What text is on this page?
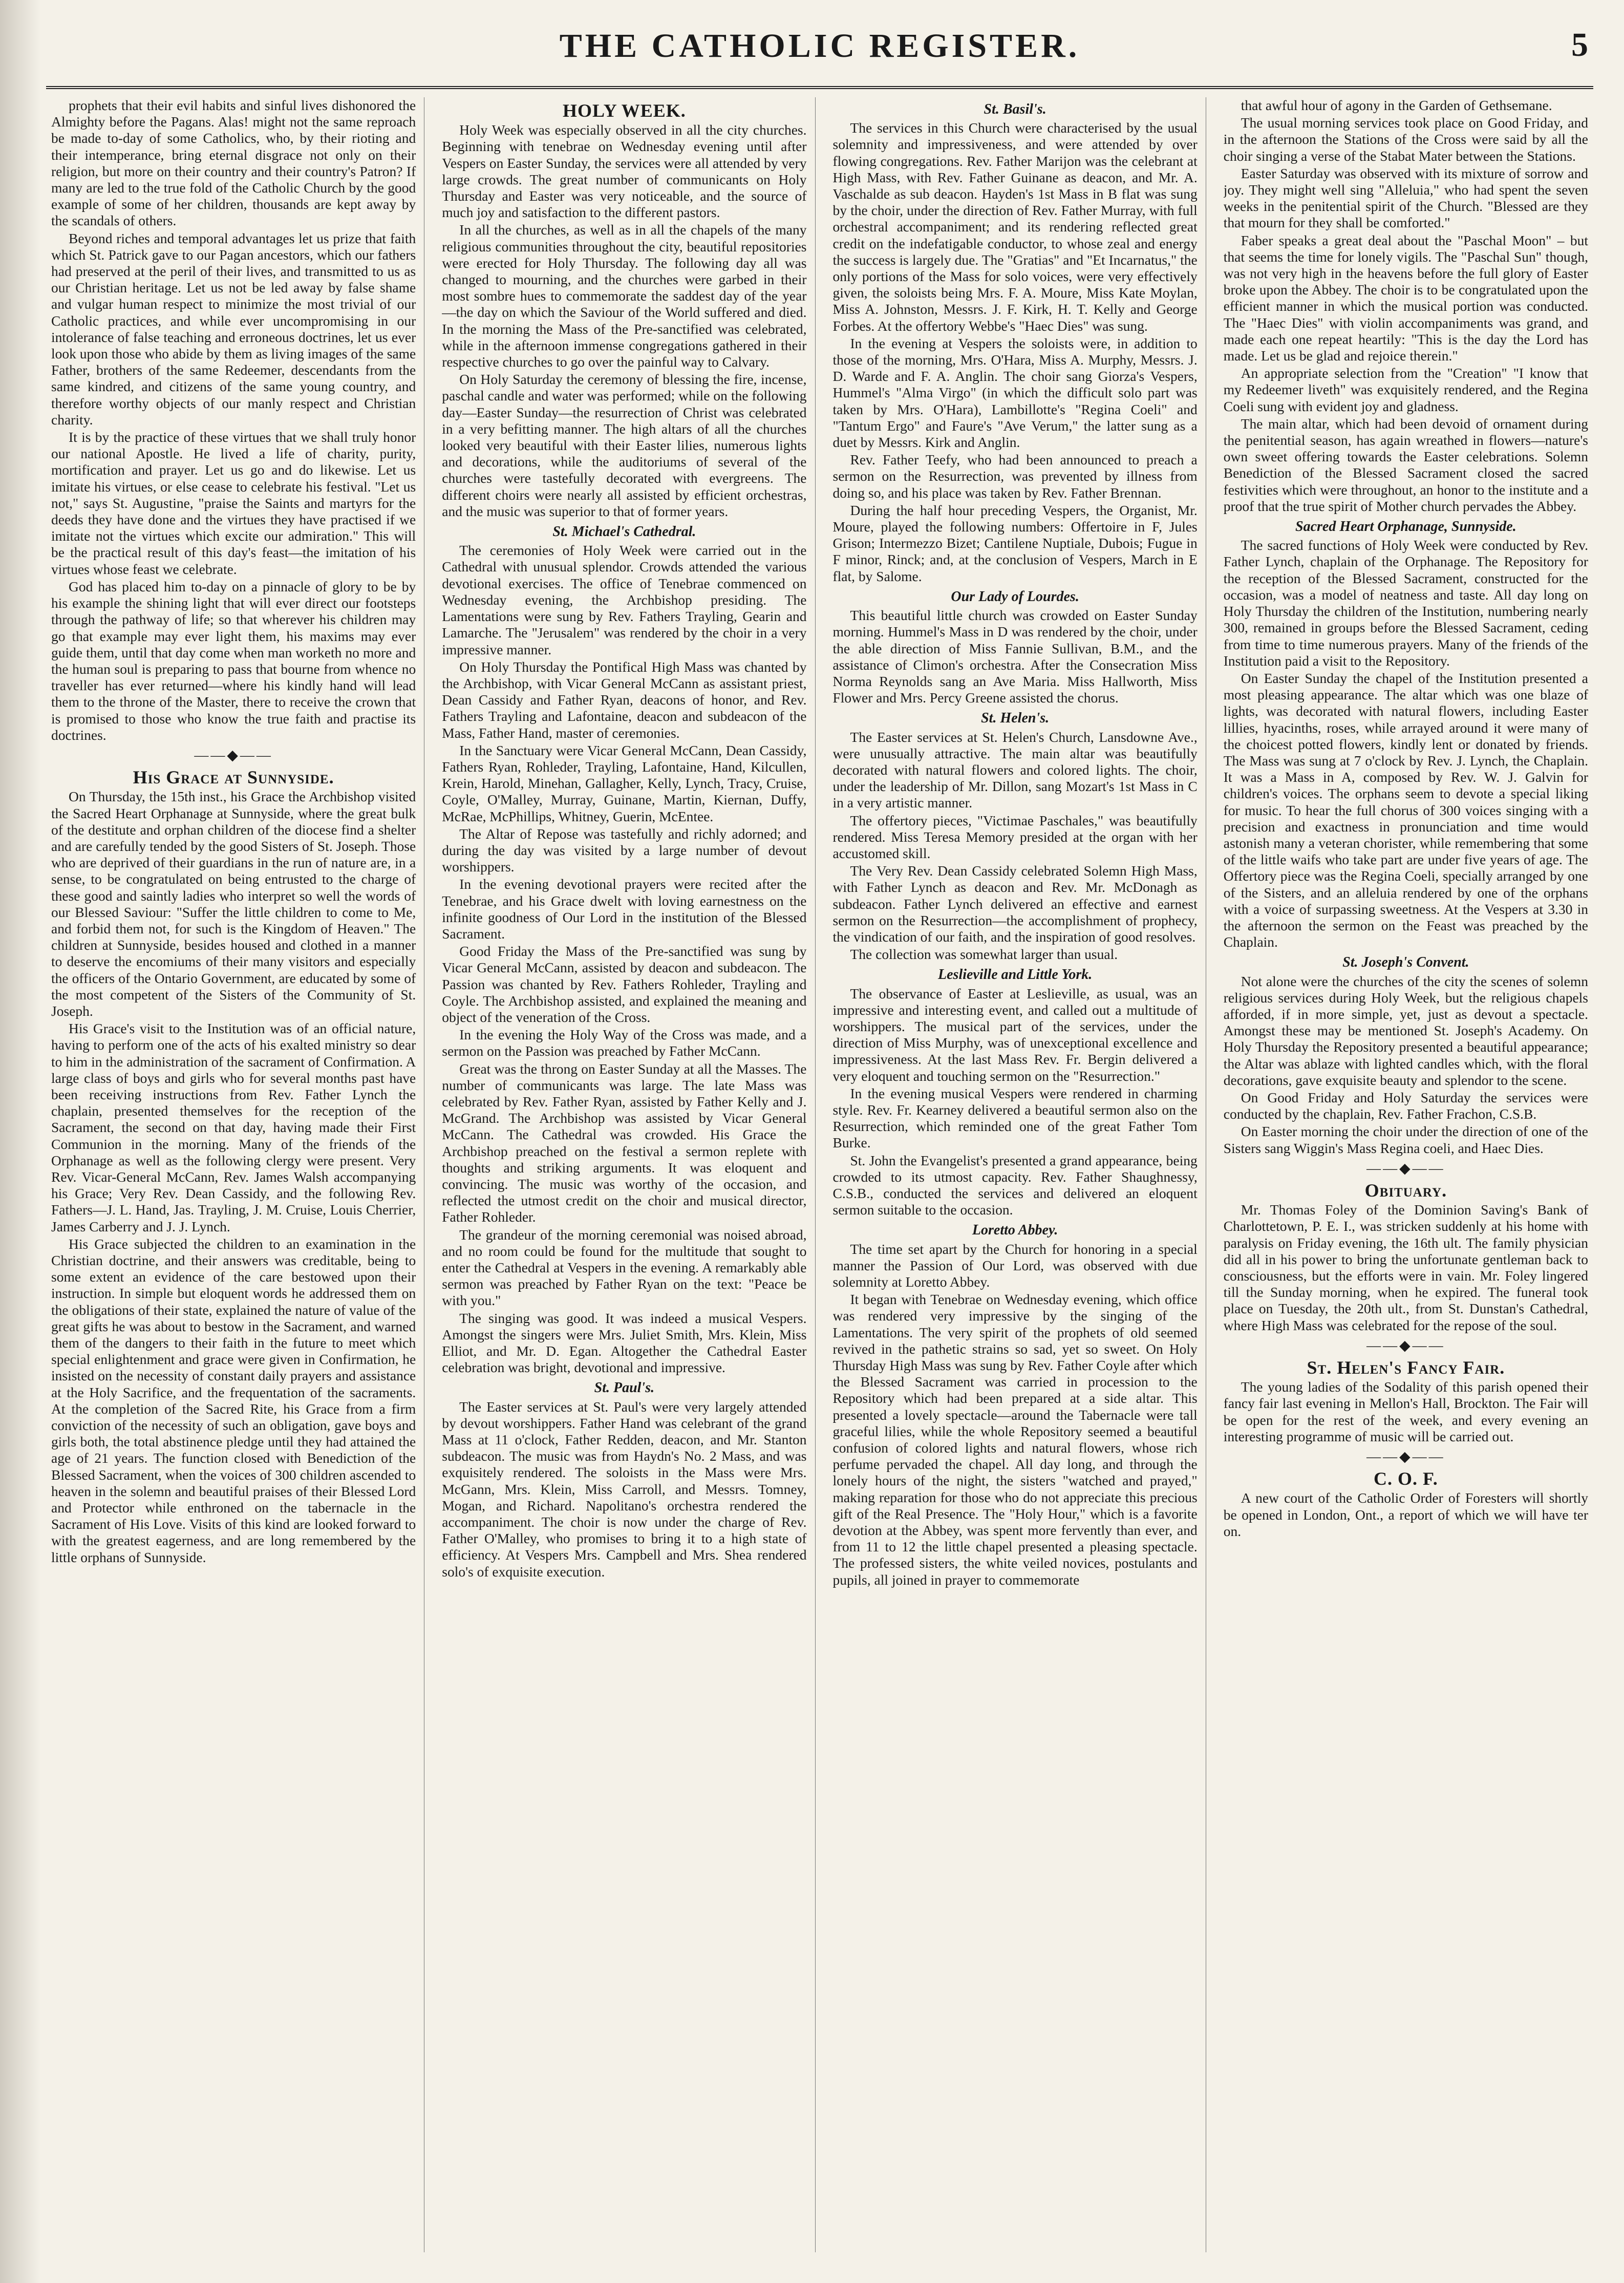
THE CATHOLIC REGISTER.	5

prophets that their evil habits and sinful lives dishonored the Almighty before the Pagans. Alas! might not the same reproach be made to-day of some Catholics, who, by their rioting and their intemperance, bring eternal disgrace not only on their religion, but more on their country and their country's Patron? If many are led to the true fold of the Catholic Church by the good example of some of her children, thousands are kept away by the scandals of others.

Beyond riches and temporal advantages let us prize that faith which St. Patrick gave to our Pagan ancestors, which our fathers had preserved at the peril of their lives, and transmitted to us as our Christian heritage. Let us not be led away by false shame and vulgar human respect to minimize the most trivial of our Catholic practices, and while ever uncompromising in our intolerance of false teaching and erroneous doctrines, let us ever look upon those who abide by them as living images of the same Father, brothers of the same Redeemer, descendants from the same kindred, and citizens of the same young country, and therefore worthy objects of our manly respect and Christian charity.

It is by the practice of these virtues that we shall truly honor our national Apostle. He lived a life of charity, purity, mortification and prayer. Let us go and do likewise. Let us imitate his virtues, or else cease to celebrate his festival. "Let us not," says St. Augustine, "praise the Saints and martyrs for the deeds they have done and the virtues they have practised if we imitate not the virtues which excite our admiration." This will be the practical result of this day's feast—the imitation of his virtues whose feast we celebrate.

God has placed him to-day on a pinnacle of glory to be by his example the shining light that will ever direct our footsteps through the pathway of life; so that wherever his children may go that example may ever light them, his maxims may ever guide them, until that day come when man worketh no more and the human soul is preparing to pass that bourne from whence no traveller has ever returned—where his kindly hand will lead them to the throne of the Master, there to receive the crown that is promised to those who know the true faith and practise its doctrines.

——◆——
His Grace at Sunnyside.

On Thursday, the 15th inst., his Grace the Archbishop visited the Sacred Heart Orphanage at Sunnyside, where the great bulk of the destitute and orphan children of the diocese find a shelter and are carefully tended by the good Sisters of St. Joseph. Those who are deprived of their guardians in the run of nature are, in a sense, to be congratulated on being entrusted to the charge of these good and saintly ladies who interpret so well the words of our Blessed Saviour: "Suffer the little children to come to Me, and forbid them not, for such is the Kingdom of Heaven." The children at Sunnyside, besides housed and clothed in a manner to deserve the encomiums of their many visitors and especially the officers of the Ontario Government, are educated by some of the most competent of the Sisters of the Community of St. Joseph.

His Grace's visit to the Institution was of an official nature, having to perform one of the acts of his exalted ministry so dear to him in the administration of the sacrament of Confirmation. A large class of boys and girls who for several months past have been receiving instructions from Rev. Father Lynch the chaplain, presented themselves for the reception of the Sacrament, the second on that day, having made their First Communion in the morning. Many of the friends of the Orphanage as well as the following clergy were present. Very Rev. Vicar-General McCann, Rev. James Walsh accompanying his Grace; Very Rev. Dean Cassidy, and the following Rev. Fathers—J. L. Hand, Jas. Trayling, J. M. Cruise, Louis Cherrier, James Carberry and J. J. Lynch.

His Grace subjected the children to an examination in the Christian doctrine, and their answers was creditable, being to some extent an evidence of the care bestowed upon their instruction. In simple but eloquent words he addressed them on the obligations of their state, explained the nature of value of the great gifts he was about to bestow in the Sacrament, and warned them of the dangers to their faith in the future to meet which special enlightenment and grace were given in Confirmation, he insisted on the necessity of constant daily prayers and assistance at the Holy Sacrifice, and the frequentation of the sacraments. At the completion of the Sacred Rite, his Grace from a firm conviction of the necessity of such an obligation, gave boys and girls both, the total abstinence pledge until they had attained the age of 21 years. The function closed with Benediction of the Blessed Sacrament, when the voices of 300 children ascended to heaven in the solemn and beautiful praises of their Blessed Lord and Protector while enthroned on the tabernacle in the Sacrament of His Love. Visits of this kind are looked forward to with the greatest eagerness, and are long remembered by the little orphans of Sunnyside.

HOLY WEEK.

Holy Week was especially observed in all the city churches. Beginning with tenebrae on Wednesday evening until after Vespers on Easter Sunday, the services were all attended by very large crowds. The great number of communicants on Holy Thursday and Easter was very noticeable, and the source of much joy and satisfaction to the different pastors.

In all the churches, as well as in all the chapels of the many religious communities throughout the city, beautiful repositories were erected for Holy Thursday. The following day all was changed to mourning, and the churches were garbed in their most sombre hues to commemorate the saddest day of the year—the day on which the Saviour of the World suffered and died. In the morning the Mass of the Pre-sanctified was celebrated, while in the afternoon immense congregations gathered in their respective churches to go over the painful way to Calvary.

On Holy Saturday the ceremony of blessing the fire, incense, paschal candle and water was performed; while on the following day—Easter Sunday—the resurrection of Christ was celebrated in a very befitting manner. The high altars of all the churches looked very beautiful with their Easter lilies, numerous lights and decorations, while the auditoriums of several of the churches were tastefully decorated with evergreens. The different choirs were nearly all assisted by efficient orchestras, and the music was superior to that of former years.

St. Michael's Cathedral.

The ceremonies of Holy Week were carried out in the Cathedral with unusual splendor. Crowds attended the various devotional exercises. The office of Tenebrae commenced on Wednesday evening, the Archbishop presiding. The Lamentations were sung by Rev. Fathers Trayling, Gearin and Lamarche. The "Jerusalem" was rendered by the choir in a very impressive manner.

On Holy Thursday the Pontifical High Mass was chanted by the Archbishop, with Vicar General McCann as assistant priest, Dean Cassidy and Father Ryan, deacons of honor, and Rev. Fathers Trayling and Lafontaine, deacon and subdeacon of the Mass, Father Hand, master of ceremonies.

In the Sanctuary were Vicar General McCann, Dean Cassidy, Fathers Ryan, Rohleder, Trayling, Lafontaine, Hand, Kilcullen, Krein, Harold, Minehan, Gallagher, Kelly, Lynch, Tracy, Cruise, Coyle, O'Malley, Murray, Guinane, Martin, Kiernan, Duffy, McRae, McPhillips, Whitney, Guerin, McEntee.

The Altar of Repose was tastefully and richly adorned; and during the day was visited by a large number of devout worshippers.

In the evening devotional prayers were recited after the Tenebrae, and his Grace dwelt with loving earnestness on the infinite goodness of Our Lord in the institution of the Blessed Sacrament.

Good Friday the Mass of the Pre-sanctified was sung by Vicar General McCann, assisted by deacon and subdeacon. The Passion was chanted by Rev. Fathers Rohleder, Trayling and Coyle. The Archbishop assisted, and explained the meaning and object of the veneration of the Cross.

In the evening the Holy Way of the Cross was made, and a sermon on the Passion was preached by Father McCann.

Great was the throng on Easter Sunday at all the Masses. The number of communicants was large. The late Mass was celebrated by Rev. Father Ryan, assisted by Father Kelly and J. McGrand. The Archbishop was assisted by Vicar General McCann. The Cathedral was crowded. His Grace the Archbishop preached on the festival a sermon replete with thoughts and striking arguments. It was eloquent and convincing. The music was worthy of the occasion, and reflected the utmost credit on the choir and musical director, Father Rohleder.

The grandeur of the morning ceremonial was noised abroad, and no room could be found for the multitude that sought to enter the Cathedral at Vespers in the evening. A remarkably able sermon was preached by Father Ryan on the text: "Peace be with you."

The singing was good. It was indeed a musical Vespers. Amongst the singers were Mrs. Juliet Smith, Mrs. Klein, Miss Elliot, and Mr. D. Egan. Altogether the Cathedral Easter celebration was bright, devotional and impressive.

St. Paul's.

The Easter services at St. Paul's were very largely attended by devout worshippers. Father Hand was celebrant of the grand Mass at 11 o'clock, Father Redden, deacon, and Mr. Stanton subdeacon. The music was from Haydn's No. 2 Mass, and was exquisitely rendered. The soloists in the Mass were Mrs. McGann, Mrs. Klein, Miss Carroll, and Messrs. Tomney, Mogan, and Richard. Napolitano's orchestra rendered the accompaniment. The choir is now under the charge of Rev. Father O'Malley, who promises to bring it to a high state of efficiency. At Vespers Mrs. Campbell and Mrs. Shea rendered solo's of exquisite execution.

St. Basil's.

The services in this Church were characterised by the usual solemnity and impressiveness, and were attended by over flowing congregations. Rev. Father Marijon was the celebrant at High Mass, with Rev. Father Guinane as deacon, and Mr. A. Vaschalde as sub deacon. Hayden's 1st Mass in B flat was sung by the choir, under the direction of Rev. Father Murray, with full orchestral accompaniment; and its rendering reflected great credit on the indefatigable conductor, to whose zeal and energy the success is largely due. The "Gratias" and "Et Incarnatus," the only portions of the Mass for solo voices, were very effectively given, the soloists being Mrs. F. A. Moure, Miss Kate Moylan, Miss A. Johnston, Messrs. J. F. Kirk, H. T. Kelly and George Forbes. At the offertory Webbe's "Haec Dies" was sung.

In the evening at Vespers the soloists were, in addition to those of the morning, Mrs. O'Hara, Miss A. Murphy, Messrs. J. D. Warde and F. A. Anglin. The choir sang Giorza's Vespers, Hummel's "Alma Virgo" (in which the difficult solo part was taken by Mrs. O'Hara), Lambillotte's "Regina Coeli" and "Tantum Ergo" and Faure's "Ave Verum," the latter sung as a duet by Messrs. Kirk and Anglin.

Rev. Father Teefy, who had been announced to preach a sermon on the Resurrection, was prevented by illness from doing so, and his place was taken by Rev. Father Brennan.

During the half hour preceding Vespers, the Organist, Mr. Moure, played the following numbers: Offertoire in F, Jules Grison; Intermezzo Bizet; Cantilene Nuptiale, Dubois; Fugue in F minor, Rinck; and, at the conclusion of Vespers, March in E flat, by Salome.

Our Lady of Lourdes.

This beautiful little church was crowded on Easter Sunday morning. Hummel's Mass in D was rendered by the choir, under the able direction of Miss Fannie Sullivan, B.M., and the assistance of Climon's orchestra. After the Consecration Miss Norma Reynolds sang an Ave Maria. Miss Hallworth, Miss Flower and Mrs. Percy Greene assisted the chorus.

St. Helen's.

The Easter services at St. Helen's Church, Lansdowne Ave., were unusually attractive. The main altar was beautifully decorated with natural flowers and colored lights. The choir, under the leadership of Mr. Dillon, sang Mozart's 1st Mass in C in a very artistic manner.

The offertory pieces, "Victimae Paschales," was beautifully rendered. Miss Teresa Memory presided at the organ with her accustomed skill.

The Very Rev. Dean Cassidy celebrated Solemn High Mass, with Father Lynch as deacon and Rev. Mr. McDonagh as subdeacon. Father Lynch delivered an effective and earnest sermon on the Resurrection—the accomplishment of prophecy, the vindication of our faith, and the inspiration of good resolves.

The collection was somewhat larger than usual.

Leslieville and Little York.

The observance of Easter at Leslieville, as usual, was an impressive and interesting event, and called out a multitude of worshippers. The musical part of the services, under the direction of Miss Murphy, was of unexceptional excellence and impressiveness. At the last Mass Rev. Fr. Bergin delivered a very eloquent and touching sermon on the "Resurrection."

In the evening musical Vespers were rendered in charming style. Rev. Fr. Kearney delivered a beautiful sermon also on the Resurrection, which reminded one of the great Father Tom Burke.

St. John the Evangelist's presented a grand appearance, being crowded to its utmost capacity. Rev. Father Shaughnessy, C.S.B., conducted the services and delivered an eloquent sermon suitable to the occasion.

Loretto Abbey.

The time set apart by the Church for honoring in a special manner the Passion of Our Lord, was observed with due solemnity at Loretto Abbey.

It began with Tenebrae on Wednesday evening, which office was rendered very impressive by the singing of the Lamentations. The very spirit of the prophets of old seemed revived in the pathetic strains so sad, yet so sweet. On Holy Thursday High Mass was sung by Rev. Father Coyle after which the Blessed Sacrament was carried in procession to the Repository which had been prepared at a side altar. This presented a lovely spectacle—around the Tabernacle were tall graceful lilies, while the whole Repository seemed a beautiful confusion of colored lights and natural flowers, whose rich perfume pervaded the chapel. All day long, and through the lonely hours of the night, the sisters "watched and prayed," making reparation for those who do not appreciate this precious gift of the Real Presence. The "Holy Hour," which is a favorite devotion at the Abbey, was spent more fervently than ever, and from 11 to 12 the little chapel presented a pleasing spectacle. The professed sisters, the white veiled novices, postulants and pupils, all joined in prayer to commemorate

that awful hour of agony in the Garden of Gethsemane.

The usual morning services took place on Good Friday, and in the afternoon the Stations of the Cross were said by all the choir singing a verse of the Stabat Mater between the Stations.

Easter Saturday was observed with its mixture of sorrow and joy. They might well sing "Alleluia," who had spent the seven weeks in the penitential spirit of the Church. "Blessed are they that mourn for they shall be comforted."

Faber speaks a great deal about the "Paschal Moon" – but that seems the time for lonely vigils. The "Paschal Sun" though, was not very high in the heavens before the full glory of Easter broke upon the Abbey. The choir is to be congratulated upon the efficient manner in which the musical portion was conducted. The "Haec Dies" with violin accompaniments was grand, and made each one repeat heartily: "This is the day the Lord has made. Let us be glad and rejoice therein."

An appropriate selection from the "Creation" "I know that my Redeemer liveth" was exquisitely rendered, and the Regina Coeli sung with evident joy and gladness.

The main altar, which had been devoid of ornament during the penitential season, has again wreathed in flowers—nature's own sweet offering towards the Easter celebrations. Solemn Benediction of the Blessed Sacrament closed the sacred festivities which were throughout, an honor to the institute and a proof that the true spirit of Mother church pervades the Abbey.

Sacred Heart Orphanage, Sunnyside.

The sacred functions of Holy Week were conducted by Rev. Father Lynch, chaplain of the Orphanage. The Repository for the reception of the Blessed Sacrament, constructed for the occasion, was a model of neatness and taste. All day long on Holy Thursday the children of the Institution, numbering nearly 300, remained in groups before the Blessed Sacrament, ceding from time to time numerous prayers. Many of the friends of the Institution paid a visit to the Repository.

On Easter Sunday the chapel of the Institution presented a most pleasing appearance. The altar which was one blaze of lights, was decorated with natural flowers, including Easter lillies, hyacinths, roses, while arrayed around it were many of the choicest potted flowers, kindly lent or donated by friends. The Mass was sung at 7 o'clock by Rev. J. Lynch, the Chaplain. It was a Mass in A, composed by Rev. W. J. Galvin for children's voices. The orphans seem to devote a special liking for music. To hear the full chorus of 300 voices singing with a precision and exactness in pronunciation and time would astonish many a veteran chorister, while remembering that some of the little waifs who take part are under five years of age. The Offertory piece was the Regina Coeli, specially arranged by one of the Sisters, and an alleluia rendered by one of the orphans with a voice of surpassing sweetness. At the Vespers at 3.30 in the afternoon the sermon on the Feast was preached by the Chaplain.

St. Joseph's Convent.

Not alone were the churches of the city the scenes of solemn religious services during Holy Week, but the religious chapels afforded, if in more simple, yet, just as devout a spectacle. Amongst these may be mentioned St. Joseph's Academy. On Holy Thursday the Repository presented a beautiful appearance; the Altar was ablaze with lighted candles which, with the floral decorations, gave exquisite beauty and splendor to the scene.

On Good Friday and Holy Saturday the services were conducted by the chaplain, Rev. Father Frachon, C.S.B.

On Easter morning the choir under the direction of one of the Sisters sang Wiggin's Mass Regina coeli, and Haec Dies.

——◆——
Obituary.

Mr. Thomas Foley of the Dominion Saving's Bank of Charlottetown, P. E. I., was stricken suddenly at his home with paralysis on Friday evening, the 16th ult. The family physician did all in his power to bring the unfortunate gentleman back to consciousness, but the efforts were in vain. Mr. Foley lingered till the Sunday morning, when he expired. The funeral took place on Tuesday, the 20th ult., from St. Dunstan's Cathedral, where High Mass was celebrated for the repose of the soul.

——◆——
St. Helen's Fancy Fair.

The young ladies of the Sodality of this parish opened their fancy fair last evening in Mellon's Hall, Brockton. The Fair will be open for the rest of the week, and every evening an interesting programme of music will be carried out.

——◆——
C. O. F.

A new court of the Catholic Order of Foresters will shortly be opened in London, Ont., a report of which we will have ter on.
